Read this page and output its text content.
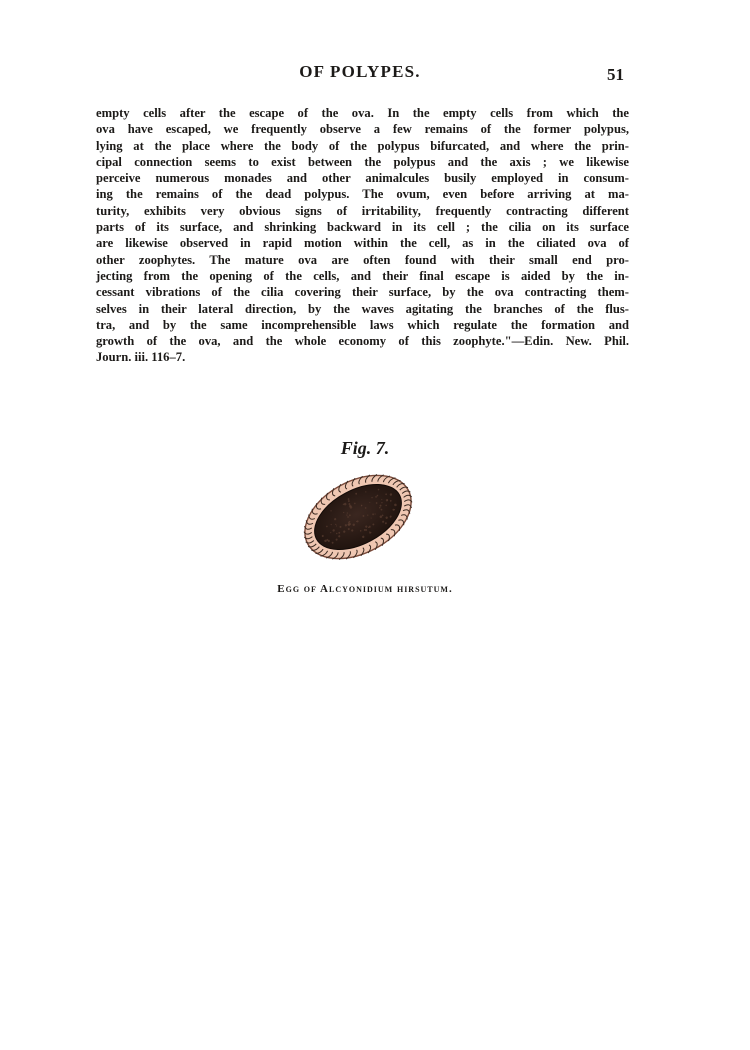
OF POLYPES.	51
empty cells after the escape of the ova. In the empty cells from which the
ova have escaped, we frequently observe a few remains of the former polypus,
lying at the place where the body of the polypus bifurcated, and where the prin-
cipal connection seems to exist between the polypus and the axis ; we likewise
perceive numerous monades and other animalcules busily employed in consum-
ing the remains of the dead polypus. The ovum, even before arriving at ma-
turity, exhibits very obvious signs of irritability, frequently contracting different
parts of its surface, and shrinking backward in its cell ; the cilia on its surface
are likewise observed in rapid motion within the cell, as in the ciliated ova of
other zoophytes. The mature ova are often found with their small end pro-
jecting from the opening of the cells, and their final escape is aided by the in-
cessant vibrations of the cilia covering their surface, by the ova contracting them-
selves in their lateral direction, by the waves agitating the branches of the flus-
tra, and by the same incomprehensible laws which regulate the formation and
growth of the ova, and the whole economy of this zoophyte."—Edin. New. Phil.
Journ. iii. 116–7.
Fig. 7.
Egg of Alcyonidium hirsutum.
